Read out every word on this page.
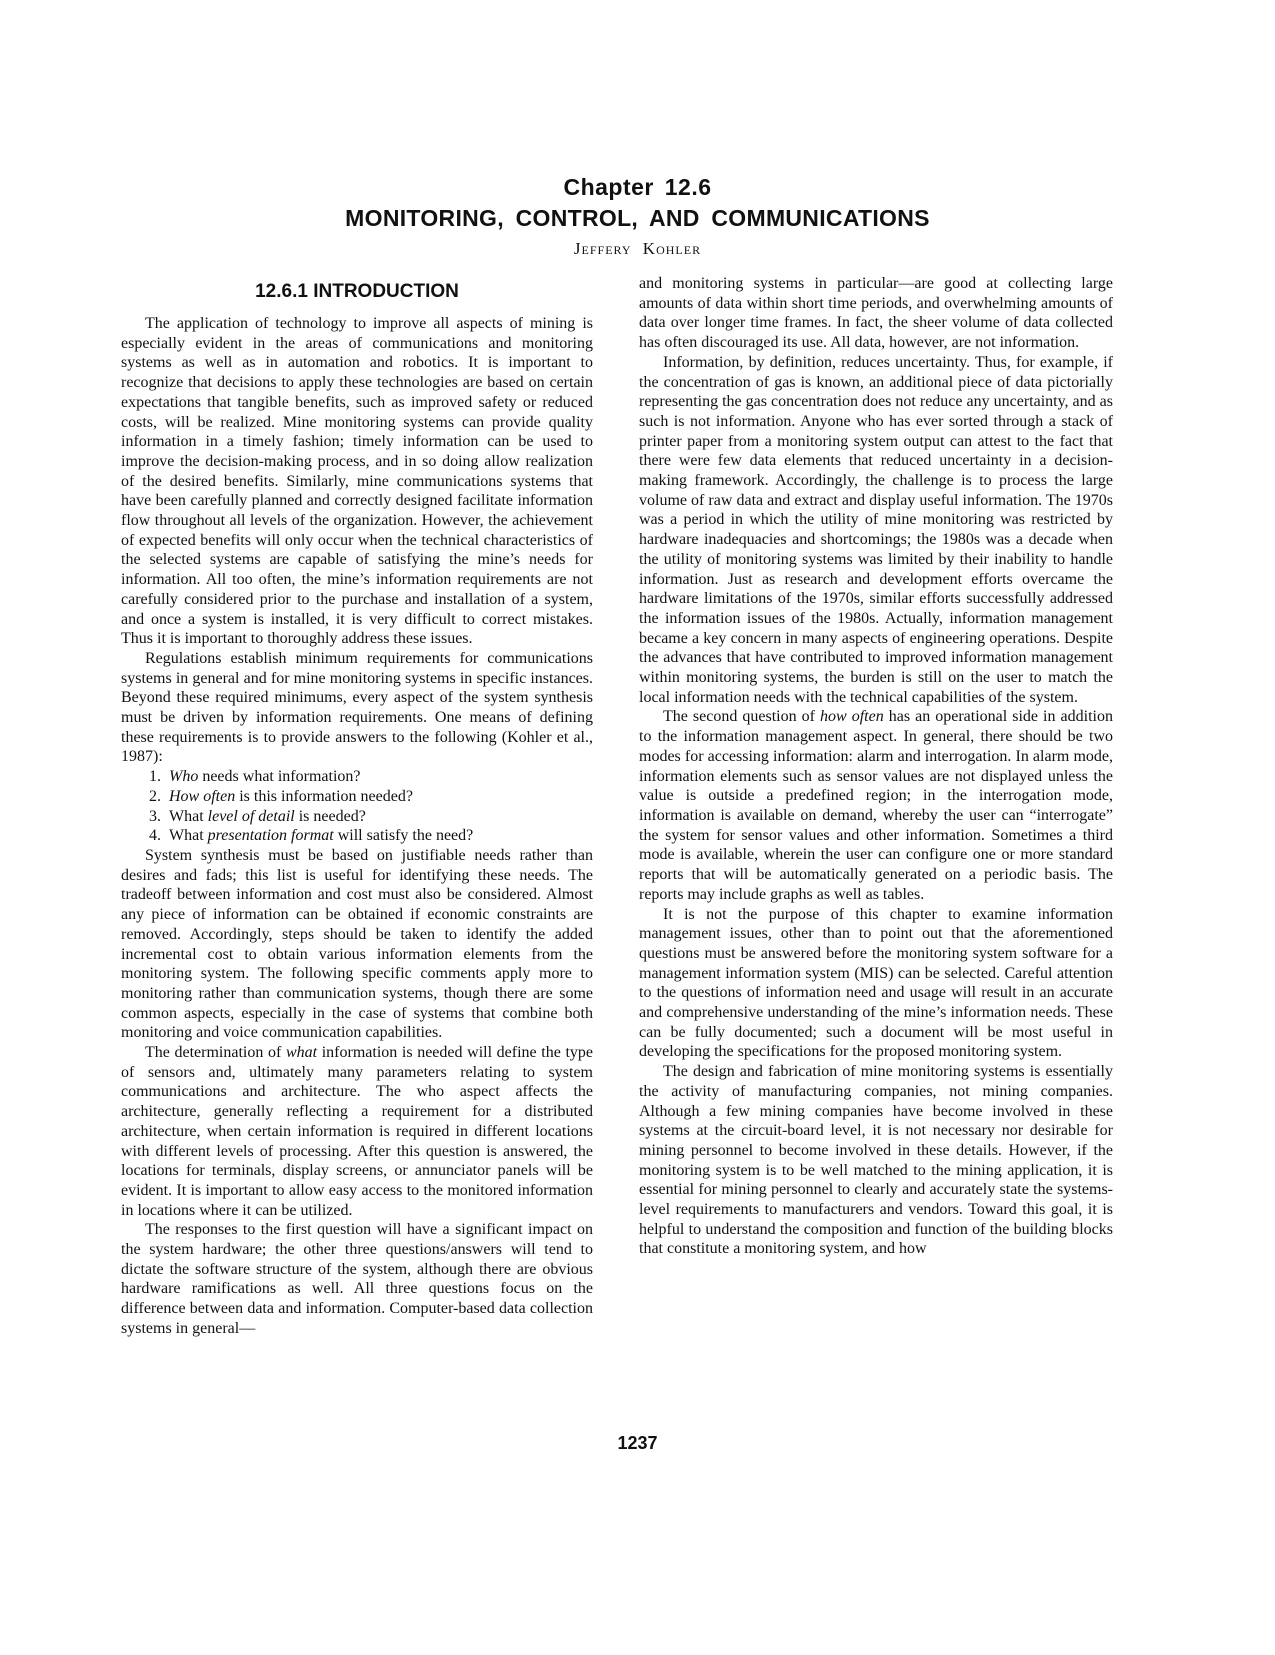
Chapter 12.6
MONITORING, CONTROL, AND COMMUNICATIONS
Jeffery Kohler
12.6.1 INTRODUCTION

The application of technology to improve all aspects of mining is especially evident in the areas of communications and monitoring systems as well as in automation and robotics. It is important to recognize that decisions to apply these technologies are based on certain expectations that tangible benefits, such as improved safety or reduced costs, will be realized. Mine monitoring systems can provide quality information in a timely fashion; timely information can be used to improve the decision-making process, and in so doing allow realization of the desired benefits. Similarly, mine communications systems that have been carefully planned and correctly designed facilitate information flow throughout all levels of the organization. However, the achievement of expected benefits will only occur when the technical characteristics of the selected systems are capable of satisfying the mine’s needs for information. All too often, the mine’s information requirements are not carefully considered prior to the purchase and installation of a system, and once a system is installed, it is very difficult to correct mistakes. Thus it is important to thoroughly address these issues.

Regulations establish minimum requirements for communications systems in general and for mine monitoring systems in specific instances. Beyond these required minimums, every aspect of the system synthesis must be driven by information requirements. One means of defining these requirements is to provide answers to the following (Kohler et al., 1987):

1. Who needs what information?
2. How often is this information needed?
3. What level of detail is needed?
4. What presentation format will satisfy the need?

System synthesis must be based on justifiable needs rather than desires and fads; this list is useful for identifying these needs. The tradeoff between information and cost must also be considered. Almost any piece of information can be obtained if economic constraints are removed. Accordingly, steps should be taken to identify the added incremental cost to obtain various information elements from the monitoring system. The following specific comments apply more to monitoring rather than communication systems, though there are some common aspects, especially in the case of systems that combine both monitoring and voice communication capabilities.

The determination of what information is needed will define the type of sensors and, ultimately many parameters relating to system communications and architecture. The who aspect affects the architecture, generally reflecting a requirement for a distributed architecture, when certain information is required in different locations with different levels of processing. After this question is answered, the locations for terminals, display screens, or annunciator panels will be evident. It is important to allow easy access to the monitored information in locations where it can be utilized.

The responses to the first question will have a significant impact on the system hardware; the other three questions/answers will tend to dictate the software structure of the system, although there are obvious hardware ramifications as well. All three questions focus on the difference between data and information. Computer-based data collection systems in general—

and monitoring systems in particular—are good at collecting large amounts of data within short time periods, and overwhelming amounts of data over longer time frames. In fact, the sheer volume of data collected has often discouraged its use. All data, however, are not information.

Information, by definition, reduces uncertainty. Thus, for example, if the concentration of gas is known, an additional piece of data pictorially representing the gas concentration does not reduce any uncertainty, and as such is not information. Anyone who has ever sorted through a stack of printer paper from a monitoring system output can attest to the fact that there were few data elements that reduced uncertainty in a decision-making framework. Accordingly, the challenge is to process the large volume of raw data and extract and display useful information. The 1970s was a period in which the utility of mine monitoring was restricted by hardware inadequacies and shortcomings; the 1980s was a decade when the utility of monitoring systems was limited by their inability to handle information. Just as research and development efforts overcame the hardware limitations of the 1970s, similar efforts successfully addressed the information issues of the 1980s. Actually, information management became a key concern in many aspects of engineering operations. Despite the advances that have contributed to improved information management within monitoring systems, the burden is still on the user to match the local information needs with the technical capabilities of the system.

The second question of how often has an operational side in addition to the information management aspect. In general, there should be two modes for accessing information: alarm and interrogation. In alarm mode, information elements such as sensor values are not displayed unless the value is outside a predefined region; in the interrogation mode, information is available on demand, whereby the user can “interrogate” the system for sensor values and other information. Sometimes a third mode is available, wherein the user can configure one or more standard reports that will be automatically generated on a periodic basis. The reports may include graphs as well as tables.

It is not the purpose of this chapter to examine information management issues, other than to point out that the aforementioned questions must be answered before the monitoring system software for a management information system (MIS) can be selected. Careful attention to the questions of information need and usage will result in an accurate and comprehensive understanding of the mine’s information needs. These can be fully documented; such a document will be most useful in developing the specifications for the proposed monitoring system.

The design and fabrication of mine monitoring systems is essentially the activity of manufacturing companies, not mining companies. Although a few mining companies have become involved in these systems at the circuit-board level, it is not necessary nor desirable for mining personnel to become involved in these details. However, if the monitoring system is to be well matched to the mining application, it is essential for mining personnel to clearly and accurately state the systems-level requirements to manufacturers and vendors. Toward this goal, it is helpful to understand the composition and function of the building blocks that constitute a monitoring system, and how

1237
